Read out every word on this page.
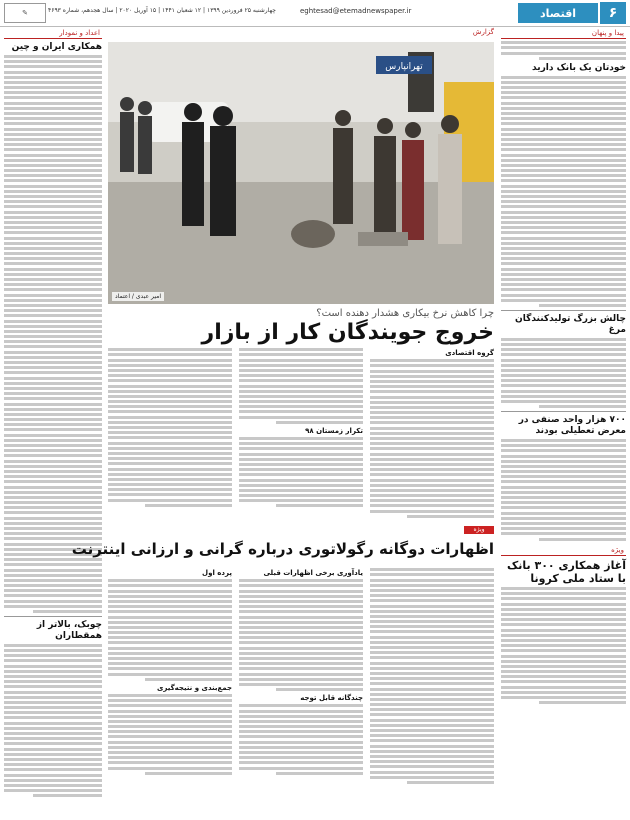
۶
اقتصاد
eghtesad@etemadnewspaper.ir
چهارشنبه ۲۵ فروردین ۱۳۹۹ | ۱۲ شعبان ۱۴۴۱ | ۱۵ آوریل ۲۰۲۰ | سال هجدهم، شماره ۴۶۹۳
✎
پیدا و پنهان
خودتان یک بانک دارید
چالش بزرگ تولیدکنندگان مرغ
۷۰۰ هزار واحد صنفی در معرض تعطیلی بودند
ویژه
آغاز همکاری ۳۰۰ بانک با ستاد ملی کرونا
اعداد و نمودار
همکاری ایران و چین
چوبک، بالاتر از همقطاران
گزارش
تهرانپارس
امیر عبدی / اعتماد
چرا کاهش نرخ بیکاری هشدار دهنده است؟
خروج جویندگان کار از بازار
گروه اقتصادی
تکرار زمستان ۹۸
ویژه
اظهارات دوگانه رگولاتوری درباره گرانی و ارزانی اینترنت
یادآوری برخی اظهارات قبلی
چندگانه قابل توجه
پرده اول
جمع‌بندی و نتیجه‌گیری
